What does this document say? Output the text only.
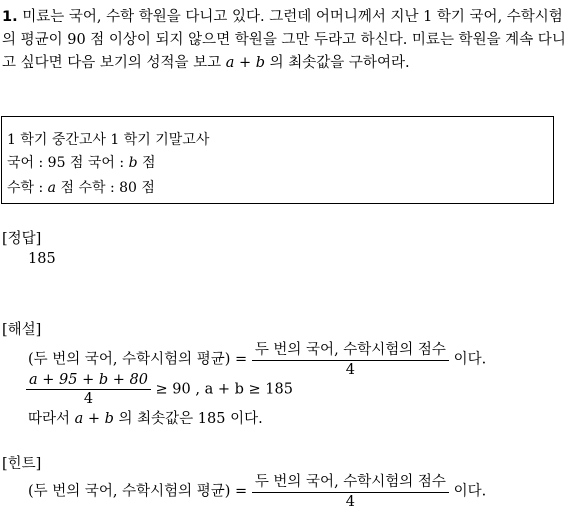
1. 미료는 국어, 수학 학원을 다니고 있다. 그런데 어머니께서 지난 1 학기 국어, 수학시험의 평균이 90 점 이상이 되지 않으면 학원을 그만 두라고 하신다. 미료는 학원을 계속 다니고 싶다면 다음 보기의 성적을 보고 a + b 의 최솟값을 구하여라.
1 학기 중간고사 1 학기 기말고사
국어 : 95 점 국어 : b 점
수학 : a 점 수학 : 80 점
[정답]
185
[해설]
(두 번의 국어, 수학시험의 평균) = $\frac{\text{두 번의 국어, 수학시험의 점수}}{4}$ 이다.
$\frac{a + 95 + b + 80}{4} \ge 90$ , a + b ≥ 185
따라서 a + b 의 최솟값은 185 이다.
[힌트]
(두 번의 국어, 수학시험의 평균) = $\frac{\text{두 번의 국어, 수학시험의 점수}}{4}$ 이다.
